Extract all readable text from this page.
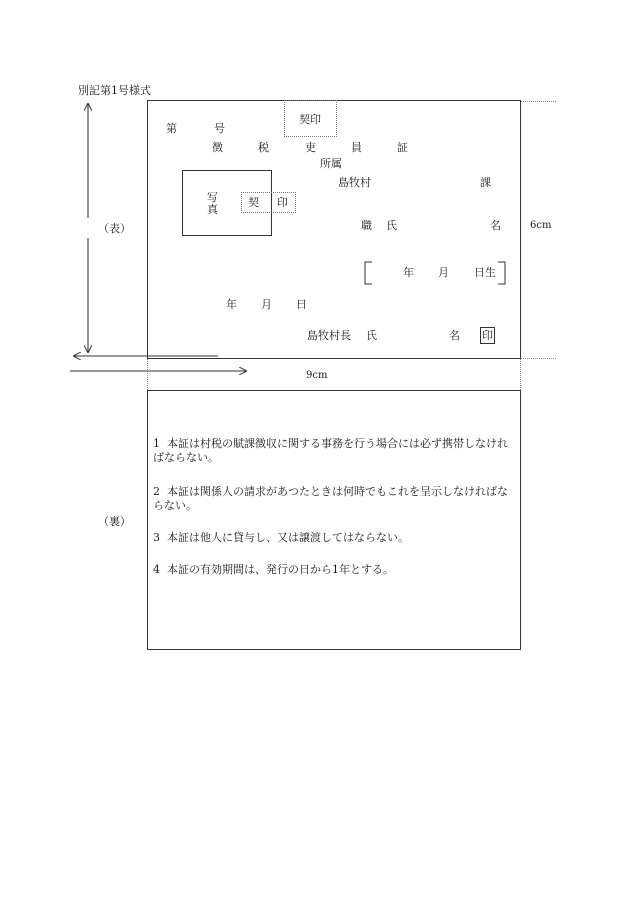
別記第1号様式
（表）
（裏）
6cm
9cm
第	号
契印
徴	税	吏	員	証
所属
島牧村	課
写
真
契 印
職 氏	名
年 月 日生
年 月 日
島牧村長 氏	名 印
1 本証は村税の賦課徴収に関する事務を行う場合には必ず携帯しなければならない。
2 本証は関係人の請求があつたときは何時でもこれを呈示しなければならない。
3 本証は他人に貸与し、又は譲渡してはならない。
4 本証の有効期間は、発行の日から1年とする。
